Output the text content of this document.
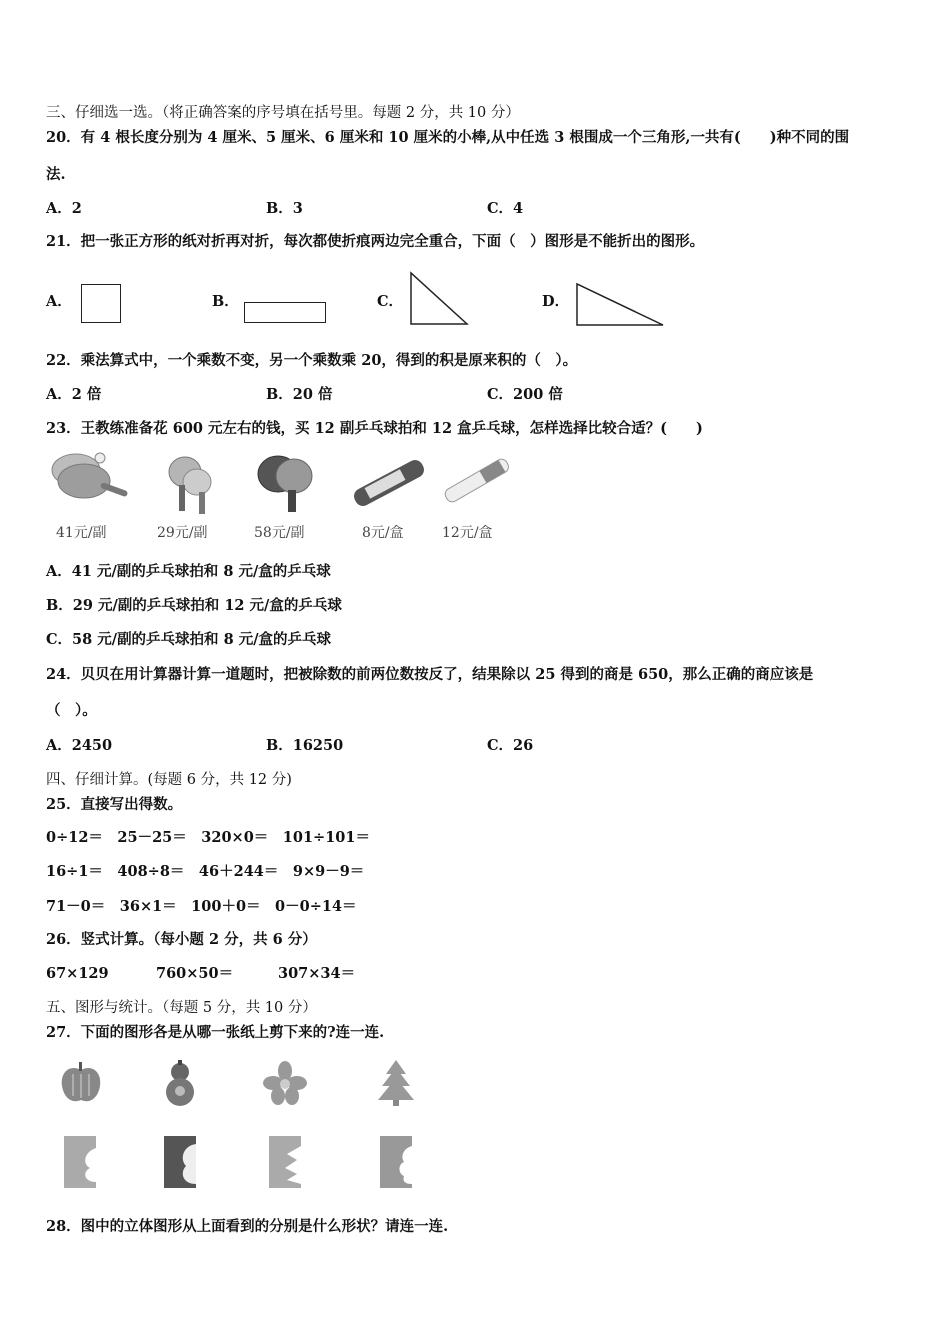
三、仔细选一选。（将正确答案的序号填在括号里。每题 2 分，共 10 分）
20．有 4 根长度分别为 4 厘米、5 厘米、6 厘米和 10 厘米的小棒,从中任选 3 根围成一个三角形,一共有(　　)种不同的围
法.
A．2	B．3	C．4
21．把一张正方形的纸对折再对折，每次都使折痕两边完全重合，下面（　）图形是不能折出的图形。
A．	B．	C．	D．
22．乘法算式中，一个乘数不变，另一个乘数乘 20，得到的积是原来积的（　）。
A．2 倍	B．20 倍	C．200 倍
23．王教练准备花 600 元左右的钱，买 12 副乒乓球拍和 12 盒乒乓球，怎样选择比较合适？(　　)
41元/副	29元/副	58元/副	8元/盒	12元/盒
A．41 元/副的乒乓球拍和 8 元/盒的乒乓球
B．29 元/副的乒乓球拍和 12 元/盒的乒乓球
C．58 元/副的乒乓球拍和 8 元/盒的乒乓球
24．贝贝在用计算器计算一道题时，把被除数的前两位数按反了，结果除以 25 得到的商是 650，那么正确的商应该是
（　）。
A．2450	B．16250	C．26
四、仔细计算。(每题 6 分，共 12 分)
25．直接写出得数。
0÷12＝　25－25＝　320×0＝　101÷101＝
16÷1＝　408÷8＝　46＋244＝　9×9－9＝
71－0＝　36×1＝　100＋0＝　0－0÷14＝
26．竖式计算。（每小题 2 分，共 6 分）
67×129	760×50＝	307×34＝
五、图形与统计。（每题 5 分，共 10 分）
27．下面的图形各是从哪一张纸上剪下来的?连一连.
28．图中的立体图形从上面看到的分别是什么形状？请连一连.
